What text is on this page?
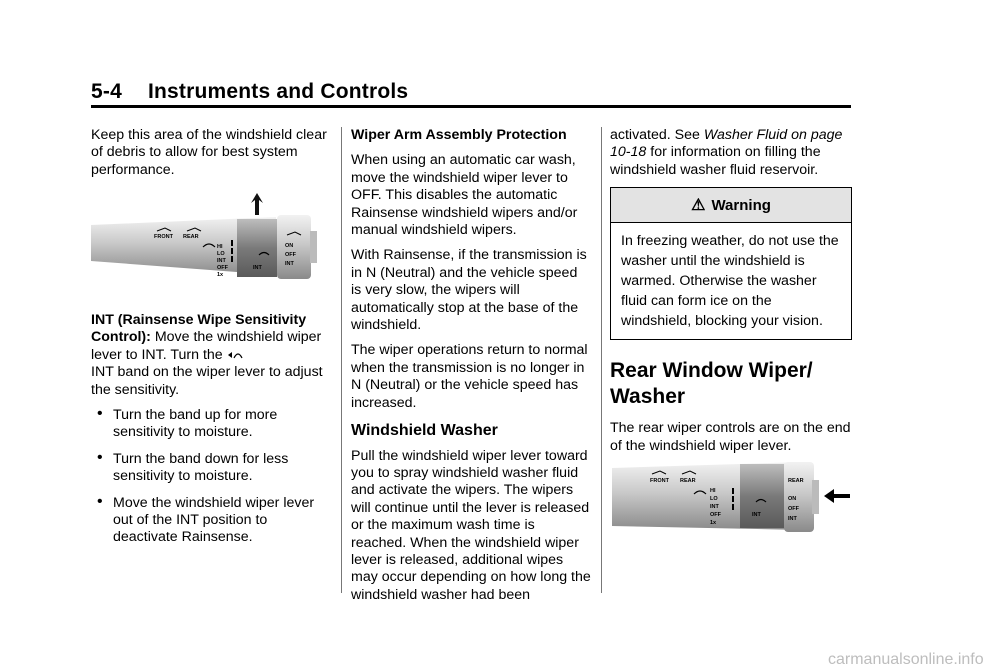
5-4 Instruments and Controls

Keep this area of the windshield clear of debris to allow for best system performance.

FRONT REAR
HI
LO
INT
OFF
1x
INT
ON
OFF
INT

INT (Rainsense Wipe Sensitivity Control): Move the windshield wiper lever to INT. Turn the

INT band on the wiper lever to adjust the sensitivity.

• Turn the band up for more sensitivity to moisture.
• Turn the band down for less sensitivity to moisture.
• Move the windshield wiper lever out of the INT position to deactivate Rainsense.

Wiper Arm Assembly Protection

When using an automatic car wash, move the windshield wiper lever to OFF. This disables the automatic Rainsense windshield wipers and/or manual windshield wipers.

With Rainsense, if the transmission is in N (Neutral) and the vehicle speed is very slow, the wipers will automatically stop at the base of the windshield.

The wiper operations return to normal when the transmission is no longer in N (Neutral) or the vehicle speed has increased.

Windshield Washer

Pull the windshield wiper lever toward you to spray windshield washer fluid and activate the wipers. The wipers will continue until the lever is released or the maximum wash time is reached. When the windshield wiper lever is released, additional wipes may occur depending on how long the windshield washer had been

activated. See Washer Fluid on page 10-18 for information on filling the windshield washer fluid reservoir.

⚠ Warning
In freezing weather, do not use the washer until the windshield is warmed. Otherwise the washer fluid can form ice on the windshield, blocking your vision.
Rear Window Wiper/ Washer

The rear wiper controls are on the end of the windshield wiper lever.

FRONT REAR
HI
LO
INT
OFF
1x
INT
REAR
ON
OFF
INT
carmanualsonline.info
